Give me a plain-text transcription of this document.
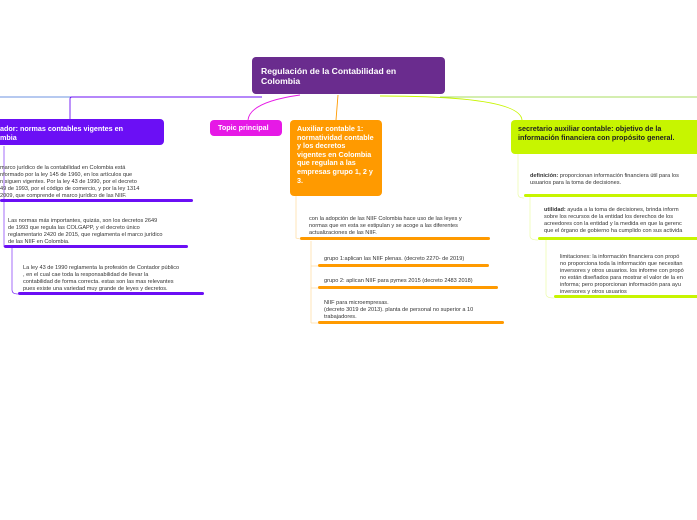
Regulación de la Contabilidad en Colombia
ador: normas contables vigentes en
mbia
marco jurídico de la contabilidad en Colombia está
nformado por la ley 145 de 1960, en los artículos que
n siguen vigentes. Por la ley 43 de 1990, por el decreto
49 de 1993, por el código de comercio, y por la ley 1314
2009, que comprende el marco jurídico de las NIIF.
Las normas más importantes, quizás, son los decretos 2649
de 1993 que regula las COLGAPP, y el decreto único
reglamentario 2420 de 2015, que reglamenta el marco jurídico
de las NIIF en Colombia.
La ley 43 de 1990 reglamenta la profesión de Contador público
, en el cual cae toda la responsabilidad de llevar la
contabilidad de forma correcta. estas son las mas relevantes
pues existe una variedad muy grande de leyes y decretos.
Topic principal	Auxiliar contable 1: normatividad contable y los decretos vigentes en Colombia que regulan a las empresas grupo 1, 2 y 3.
con la adopción de las NIIF Colombia hace uso de las leyes y
normas que en esta se estipulan y se acoge a las diferentes
actualizaciones de las NIIF.
grupo 1:aplican las NIIF plenas. (decreto 2270- de 2019)
grupo 2: aplican NIIF para pymes 2015 (decreto 2483 2018)
NIIF para microempresas.
(decreto 3019 de 2013). planta de personal no superior a 10
trabajadores.
secretario auxiliar contable: objetivo de la información financiera con propósito general.
definición: proporcionan información financiera útil para los
usuarios para la toma de decisiones.
utilidad: ayuda a la toma de decisiones, brinda inform
sobre los recursos de la entidad los derechos de los
acreedores con la entidad y la medida en que la gerenc
que el órgano de gobierno ha cumplido con sus activida
limitaciones: la información financiera con propó
no proporciona toda la información que necesitan
inversores y otros usuarios. los informe con propó
no están diseñados para mostrar el valor de la en
informa; pero proporcionan información para ayu
inversores y otros usuarios
